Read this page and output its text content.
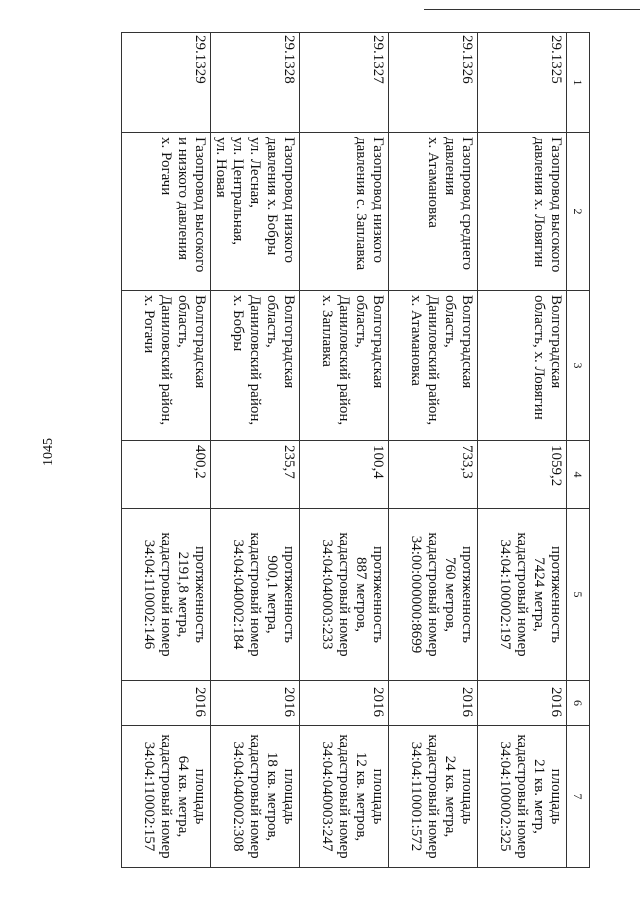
1045
1	2	3	4	5	6	7
29.1325	Газопровод высокого
давления х. Ловягин	Волгоградская
область, х. Ловягин	1059,2	протяженность
7424 метра,
кадастровый номер
34:04:100002:197	2016	площадь
21 кв. метр,
кадастровый номер
34:04:100002:325
29.1326	Газопровод среднего
давления
х. Атамановка	Волгоградская
область,
Даниловский район,
х. Атамановка	733,3	протяженность
760 метров,
кадастровый номер
34:00:000000:8699	2016	площадь
24 кв. метра,
кадастровый номер
34:04:110001:572
29.1327	Газопровод низкого
давления с. Заплавка	Волгоградская
область,
Даниловский район,
х. Заплавка	100,4	протяженность
887 метров,
кадастровый номер
34:04:040003:233	2016	площадь
12 кв. метров,
кадастровый номер
34:04:040003:247
29.1328	Газопровод низкого
давления х. Бобры
ул. Лесная,
ул. Центральная,
ул. Новая	Волгоградская
область,
Даниловский район,
х. Бобры	235,7	протяженность
900,1 метра,
кадастровый номер
34:04:040002:184	2016	площадь
18 кв. метров,
кадастровый номер
34:04:040002:308
29.1329	Газопровод высокого
и низкого давления
х. Рогачи	Волгоградская
область,
Даниловский район,
х. Рогачи	400,2	протяженность
2191,8 метра,
кадастровый номер
34:04:110002:146	2016	площадь
64 кв. метра,
кадастровый номер
34:04:110002:157
